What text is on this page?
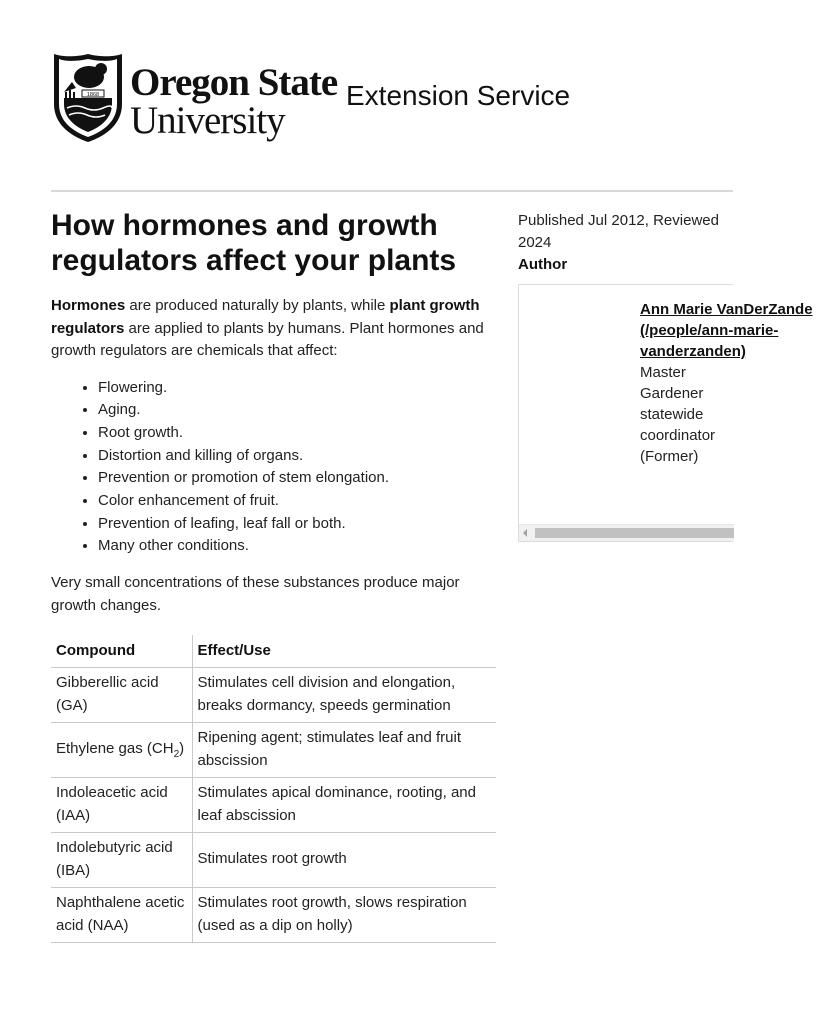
1868 Oregon State
University
Extension Service
How hormones and growth regulators affect your plants

Hormones are produced naturally by plants, while plant growth regulators are applied to plants by humans. Plant hormones and growth regulators are chemicals that affect:

• Flowering.
• Aging.
• Root growth.
• Distortion and killing of organs.
• Prevention or promotion of stem elongation.
• Color enhancement of fruit.
• Prevention of leafing, leaf fall or both.
• Many other conditions.

Very small concentrations of these substances produce major growth changes.

Compound	Effect/Use
Gibberellic acid (GA)	Stimulates cell division and elongation, breaks dormancy, speeds germination
Ethylene gas $(CH_2)$	Ripening agent; stimulates leaf and fruit abscission
Indoleacetic acid (IAA)	Stimulates apical dominance, rooting, and leaf abscission
Indolebutyric acid (IBA)	Stimulates root growth
Naphthalene acetic acid (NAA)	Stimulates root growth, slows respiration (used as a dip on holly)
Published Jul 2012, Reviewed 2024
Author
Ann Marie VanDerZande (/people/ann-marie-vanderzanden)
Master Gardener statewide coordinator (Former)
